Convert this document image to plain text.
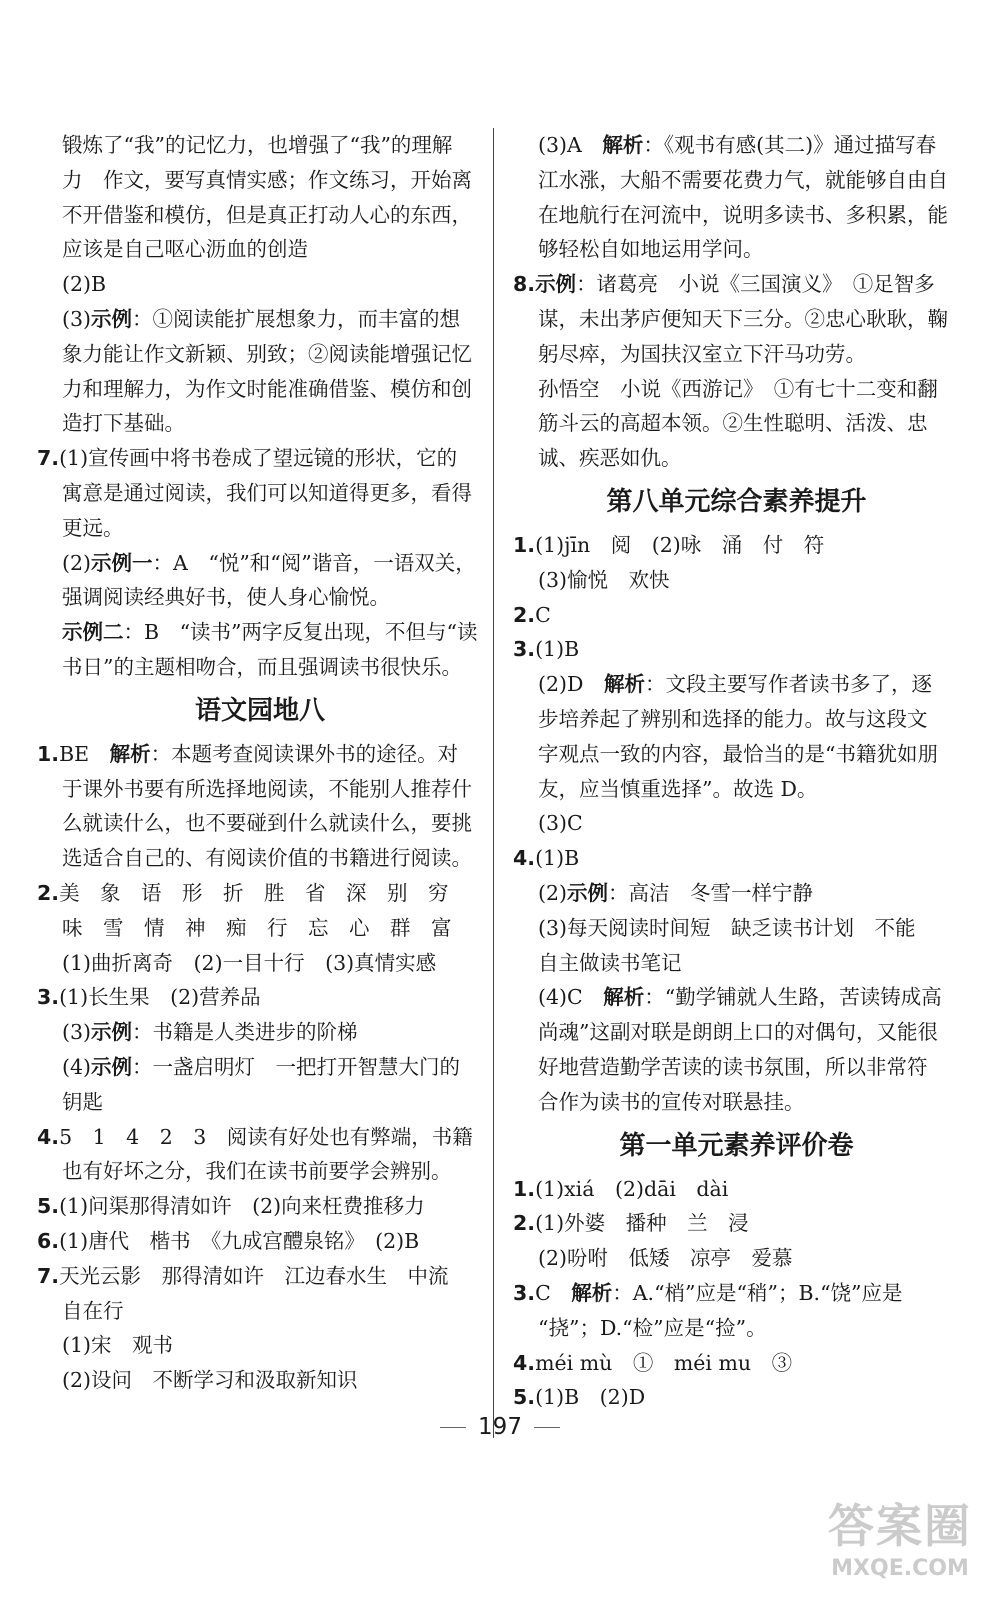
锻炼了“我”的记忆力，也增强了“我”的理解
力　作文，要写真情实感；作文练习，开始离
不开借鉴和模仿，但是真正打动人心的东西，
应该是自己呕心沥血的创造
(2)B
(3)示例：①阅读能扩展想象力，而丰富的想
象力能让作文新颖、别致；②阅读能增强记忆
力和理解力，为作文时能准确借鉴、模仿和创
造打下基础。
7.(1)宣传画中将书卷成了望远镜的形状，它的
寓意是通过阅读，我们可以知道得更多，看得
更远。
(2)示例一：A　“悦”和“阅”谐音，一语双关，
强调阅读经典好书，使人身心愉悦。
示例二：B　“读书”两字反复出现，不但与“读
书日”的主题相吻合，而且强调读书很快乐。
语文园地八
1.BE　解析：本题考查阅读课外书的途径。对
于课外书要有所选择地阅读，不能别人推荐什
么就读什么，也不要碰到什么就读什么，要挑
选适合自己的、有阅读价值的书籍进行阅读。
2.美　象　语　形　折　胜　省　深　别　穷
味　雪　情　神　痴　行　忘　心　群　富
(1)曲折离奇　(2)一目十行　(3)真情实感
3.(1)长生果　(2)营养品
(3)示例：书籍是人类进步的阶梯
(4)示例：一盏启明灯　一把打开智慧大门的
钥匙
4.5　1　4　2　3　阅读有好处也有弊端，书籍
也有好坏之分，我们在读书前要学会辨别。
5.(1)问渠那得清如许　(2)向来枉费推移力
6.(1)唐代　楷书　《九成宫醴泉铭》　(2)B
7.天光云影　那得清如许　江边春水生　中流
自在行
(1)宋　观书
(2)设问　不断学习和汲取新知识
(3)A　解析：《观书有感(其二)》通过描写春
江水涨，大船不需要花费力气，就能够自由自
在地航行在河流中，说明多读书、多积累，能
够轻松自如地运用学问。
8.示例：诸葛亮　小说《三国演义》　①足智多
谋，未出茅庐便知天下三分。②忠心耿耿，鞠
躬尽瘁，为国扶汉室立下汗马功劳。
孙悟空　小说《西游记》　①有七十二变和翻
筋斗云的高超本领。②生性聪明、活泼、忠
诚、疾恶如仇。
第八单元综合素养提升
1.(1)jīn　阅　(2)咏　涌　付　符
(3)愉悦　欢快
2.C
3.(1)B
(2)D　解析：文段主要写作者读书多了，逐
步培养起了辨别和选择的能力。故与这段文
字观点一致的内容，最恰当的是“书籍犹如朋
友，应当慎重选择”。故选 D。
(3)C
4.(1)B
(2)示例：高洁　冬雪一样宁静
(3)每天阅读时间短　缺乏读书计划　不能
自主做读书笔记
(4)C　解析：“勤学铺就人生路，苦读铸成高
尚魂”这副对联是朗朗上口的对偶句，又能很
好地营造勤学苦读的读书氛围，所以非常符
合作为读书的宣传对联悬挂。
第一单元素养评价卷
1.(1)xiá　(2)dāi　dài
2.(1)外婆　播种　兰　浸
(2)吩咐　低矮　凉亭　爱慕
3.C　解析：A.“梢”应是“稍”；B.“饶”应是
“挠”；D.“检”应是“捡”。
4.méi mù　①　méi mu　③
5.(1)B　(2)D
197
答案圈
MXQE.COM
